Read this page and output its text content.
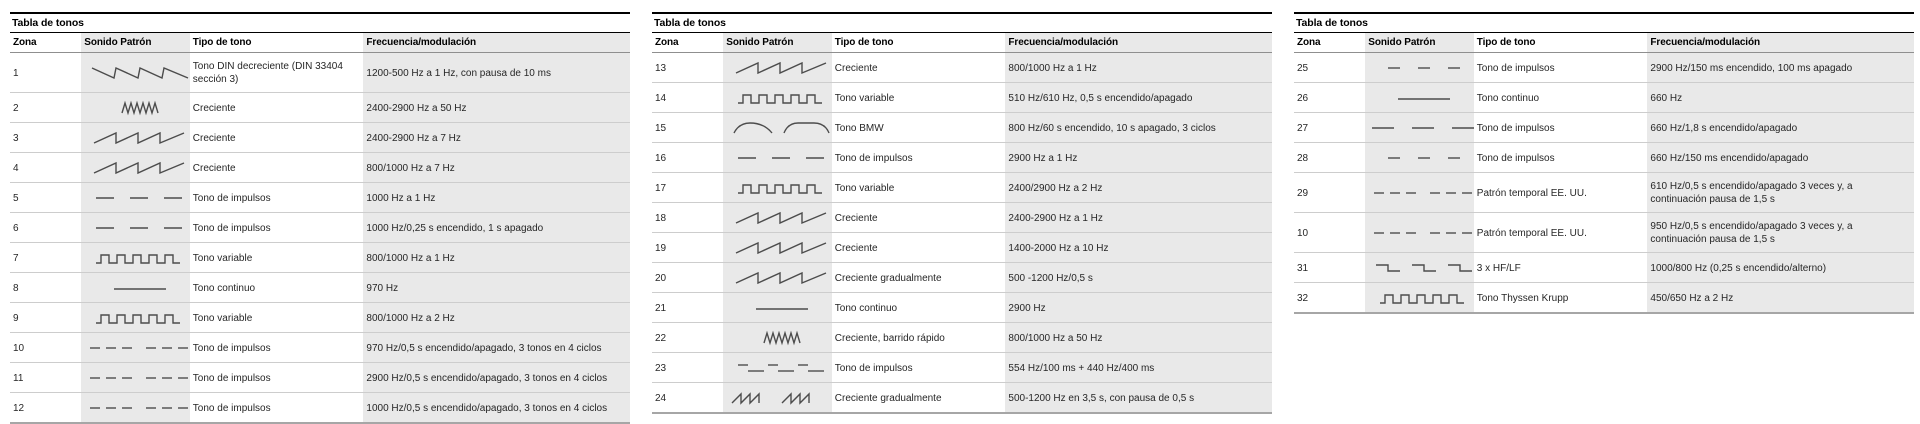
Tabla de tonos
Zona	Sonido Patrón	Tipo de tono	Frecuencia/modulación
1		Tono DIN decreciente (DIN 33404 sección 3)	1200-500 Hz a 1 Hz, con pausa de 10 ms
2		Creciente	2400-2900 Hz a 50 Hz
3		Creciente	2400-2900 Hz a 7 Hz
4		Creciente	800/1000 Hz a 7 Hz
5		Tono de impulsos	1000 Hz a 1 Hz
6		Tono de impulsos	1000 Hz/0,25 s encendido, 1 s apagado
7		Tono variable	800/1000 Hz a 1 Hz
8		Tono continuo	970 Hz
9		Tono variable	800/1000 Hz a 2 Hz
10		Tono de impulsos	970 Hz/0,5 s encendido/apagado, 3 tonos en 4 ciclos
11		Tono de impulsos	2900 Hz/0,5 s encendido/apagado, 3 tonos en 4 ciclos
12		Tono de impulsos	1000 Hz/0,5 s encendido/apagado, 3 tonos en 4 ciclos
Tabla de tonos
Zona	Sonido Patrón	Tipo de tono	Frecuencia/modulación
13		Creciente	800/1000 Hz a 1 Hz
14		Tono variable	510 Hz/610 Hz, 0,5 s encendido/apagado
15		Tono BMW	800 Hz/60 s encendido, 10 s apagado, 3 ciclos
16		Tono de impulsos	2900 Hz a 1 Hz
17		Tono variable	2400/2900 Hz a 2 Hz
18		Creciente	2400-2900 Hz a 1 Hz
19		Creciente	1400-2000 Hz a 10 Hz
20		Creciente gradualmente	500 -1200 Hz/0,5 s
21		Tono continuo	2900 Hz
22		Creciente, barrido rápido	800/1000 Hz a 50 Hz
23		Tono de impulsos	554 Hz/100 ms + 440 Hz/400 ms
24		Creciente gradualmente	500-1200 Hz en 3,5 s, con pausa de 0,5 s
Tabla de tonos
Zona	Sonido Patrón	Tipo de tono	Frecuencia/modulación
25		Tono de impulsos	2900 Hz/150 ms encendido, 100 ms apagado
26		Tono continuo	660 Hz
27		Tono de impulsos	660 Hz/1,8 s encendido/apagado
28		Tono de impulsos	660 Hz/150 ms encendido/apagado
29		Patrón temporal EE. UU.	610 Hz/0,5 s encendido/apagado 3 veces y, a continuación pausa de 1,5 s
10		Patrón temporal EE. UU.	950 Hz/0,5 s encendido/apagado 3 veces y, a continuación pausa de 1,5 s
31		3 x HF/LF	1000/800 Hz (0,25 s encendido/alterno)
32		Tono Thyssen Krupp	450/650 Hz a 2 Hz
